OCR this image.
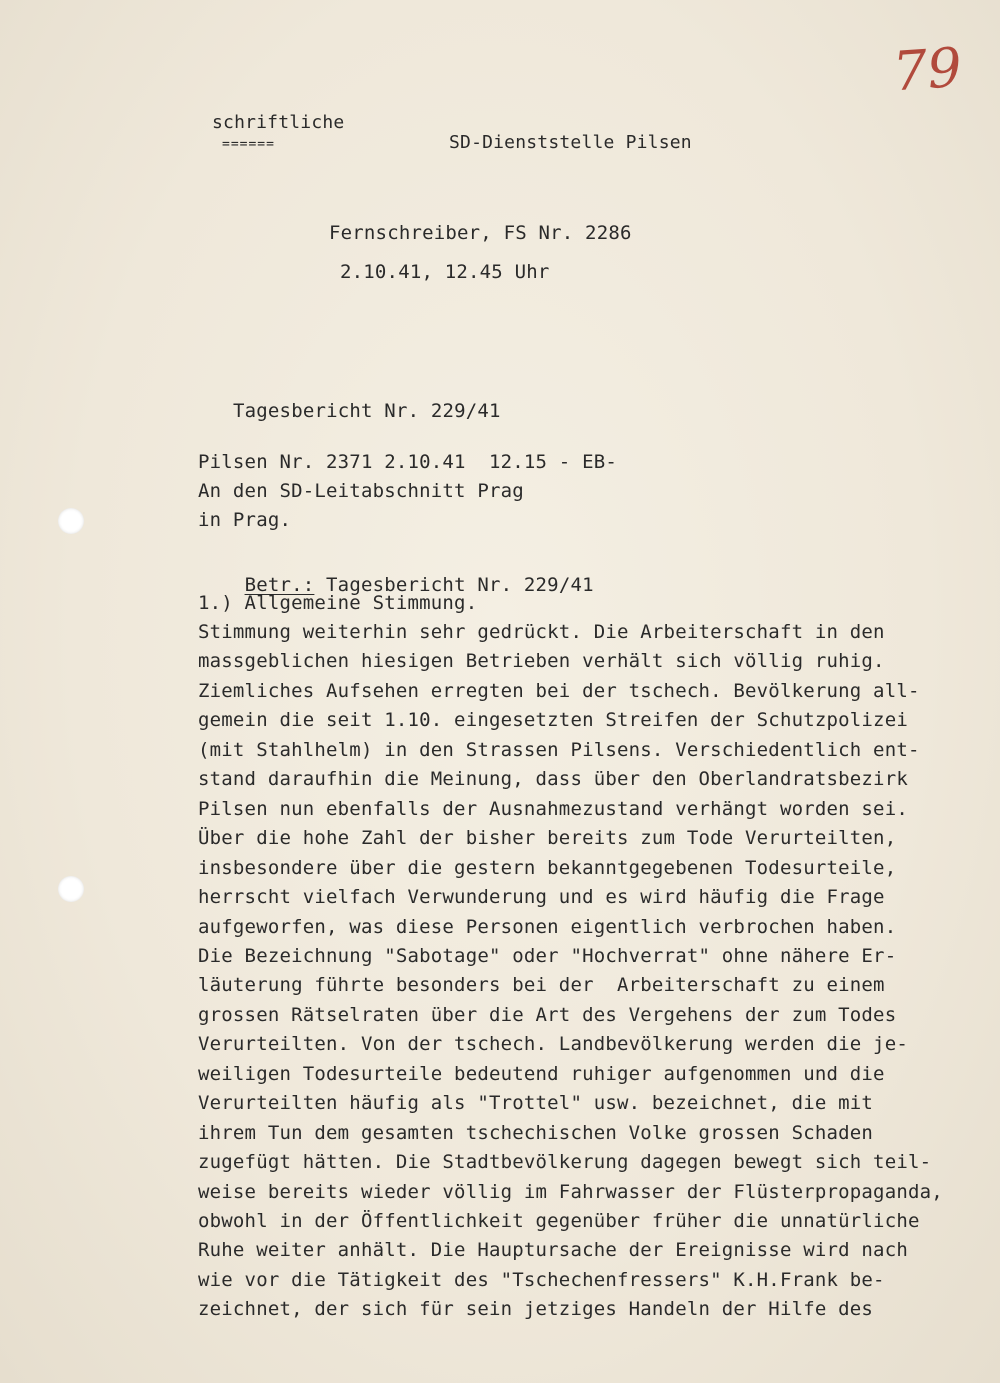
79
schriftliche
======	SD-Dienststelle Pilsen
Fernschreiber, FS Nr. 2286
2.10.41, 12.45 Uhr
Tagesbericht Nr. 229/41
Pilsen Nr. 2371 2.10.41  12.15 - EB-
An den SD-Leitabschnitt Prag
in Prag.

Betr.: Tagesbericht Nr. 229/41

1.) Allgemeine Stimmung.
Stimmung weiterhin sehr gedrückt. Die Arbeiterschaft in den
massgeblichen hiesigen Betrieben verhält sich völlig ruhig.
Ziemliches Aufsehen erregten bei der tschech. Bevölkerung all-
gemein die seit 1.10. eingesetzten Streifen der Schutzpolizei
(mit Stahlhelm) in den Strassen Pilsens. Verschiedentlich ent-
stand daraufhin die Meinung, dass über den Oberlandratsbezirk
Pilsen nun ebenfalls der Ausnahmezustand verhängt worden sei.
Über die hohe Zahl der bisher bereits zum Tode Verurteilten,
insbesondere über die gestern bekanntgegebenen Todesurteile,
herrscht vielfach Verwunderung und es wird häufig die Frage
aufgeworfen, was diese Personen eigentlich verbrochen haben.
Die Bezeichnung "Sabotage" oder "Hochverrat" ohne nähere Er-
läuterung führte besonders bei der  Arbeiterschaft zu einem
grossen Rätselraten über die Art des Vergehens der zum Todes
Verurteilten. Von der tschech. Landbevölkerung werden die je-
weiligen Todesurteile bedeutend ruhiger aufgenommen und die
Verurteilten häufig als "Trottel" usw. bezeichnet, die mit
ihrem Tun dem gesamten tschechischen Volke grossen Schaden
zugefügt hätten. Die Stadtbevölkerung dagegen bewegt sich teil-
weise bereits wieder völlig im Fahrwasser der Flüsterpropaganda,
obwohl in der Öffentlichkeit gegenüber früher die unnatürliche
Ruhe weiter anhält. Die Hauptursache der Ereignisse wird nach
wie vor die Tätigkeit des "Tschechenfressers" K.H.Frank be-
zeichnet, der sich für sein jetziges Handeln der Hilfe des
